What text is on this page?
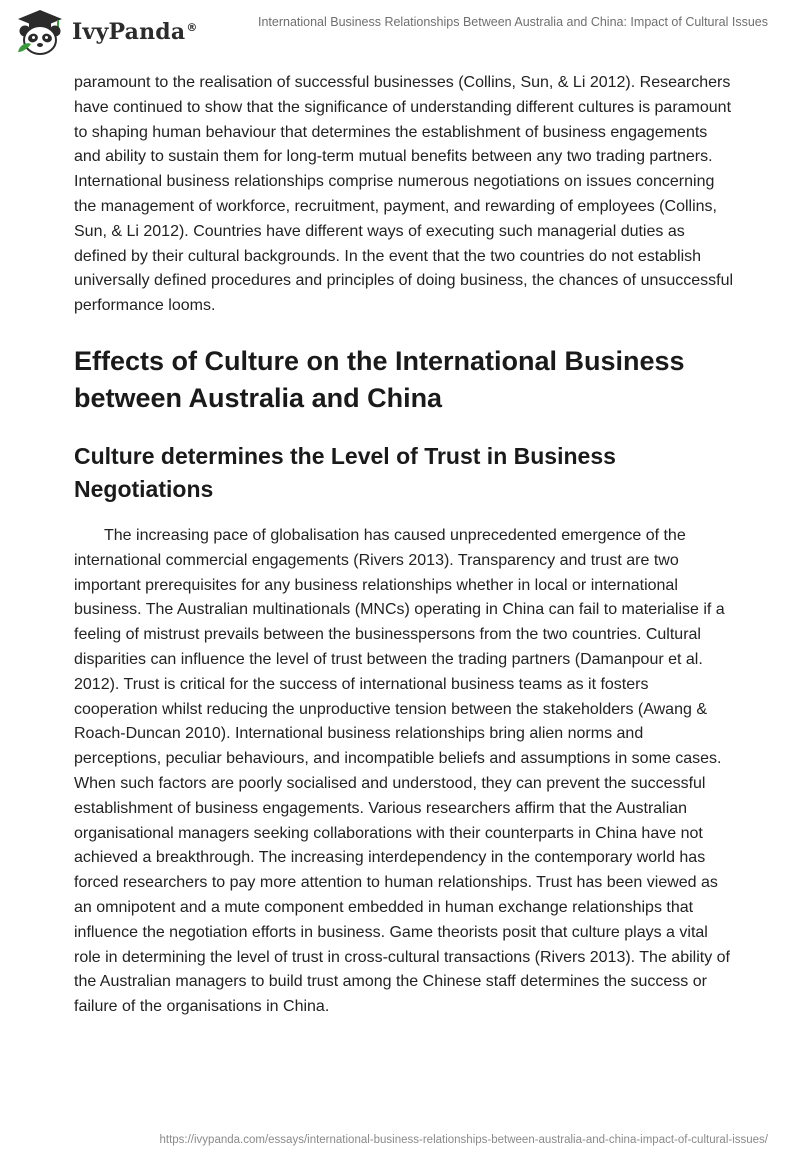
IvyPanda®	International Business Relationships Between Australia and China: Impact of Cultural Issues

paramount to the realisation of successful businesses (Collins, Sun, & Li 2012). Researchers have continued to show that the significance of understanding different cultures is paramount to shaping human behaviour that determines the establishment of business engagements and ability to sustain them for long-term mutual benefits between any two trading partners. International business relationships comprise numerous negotiations on issues concerning the management of workforce, recruitment, payment, and rewarding of employees (Collins, Sun, & Li 2012). Countries have different ways of executing such managerial duties as defined by their cultural backgrounds. In the event that the two countries do not establish universally defined procedures and principles of doing business, the chances of unsuccessful performance looms.

Effects of Culture on the International Business between Australia and China
Culture determines the Level of Trust in Business Negotiations

The increasing pace of globalisation has caused unprecedented emergence of the international commercial engagements (Rivers 2013). Transparency and trust are two important prerequisites for any business relationships whether in local or international business. The Australian multinationals (MNCs) operating in China can fail to materialise if a feeling of mistrust prevails between the businesspersons from the two countries. Cultural disparities can influence the level of trust between the trading partners (Damanpour et al. 2012). Trust is critical for the success of international business teams as it fosters cooperation whilst reducing the unproductive tension between the stakeholders (Awang & Roach-Duncan 2010). International business relationships bring alien norms and perceptions, peculiar behaviours, and incompatible beliefs and assumptions in some cases. When such factors are poorly socialised and understood, they can prevent the successful establishment of business engagements. Various researchers affirm that the Australian organisational managers seeking collaborations with their counterparts in China have not achieved a breakthrough. The increasing interdependency in the contemporary world has forced researchers to pay more attention to human relationships. Trust has been viewed as an omnipotent and a mute component embedded in human exchange relationships that influence the negotiation efforts in business. Game theorists posit that culture plays a vital role in determining the level of trust in cross-cultural transactions (Rivers 2013). The ability of the Australian managers to build trust among the Chinese staff determines the success or failure of the organisations in China.

https://ivypanda.com/essays/international-business-relationships-between-australia-and-china-impact-of-cultural-issues/
